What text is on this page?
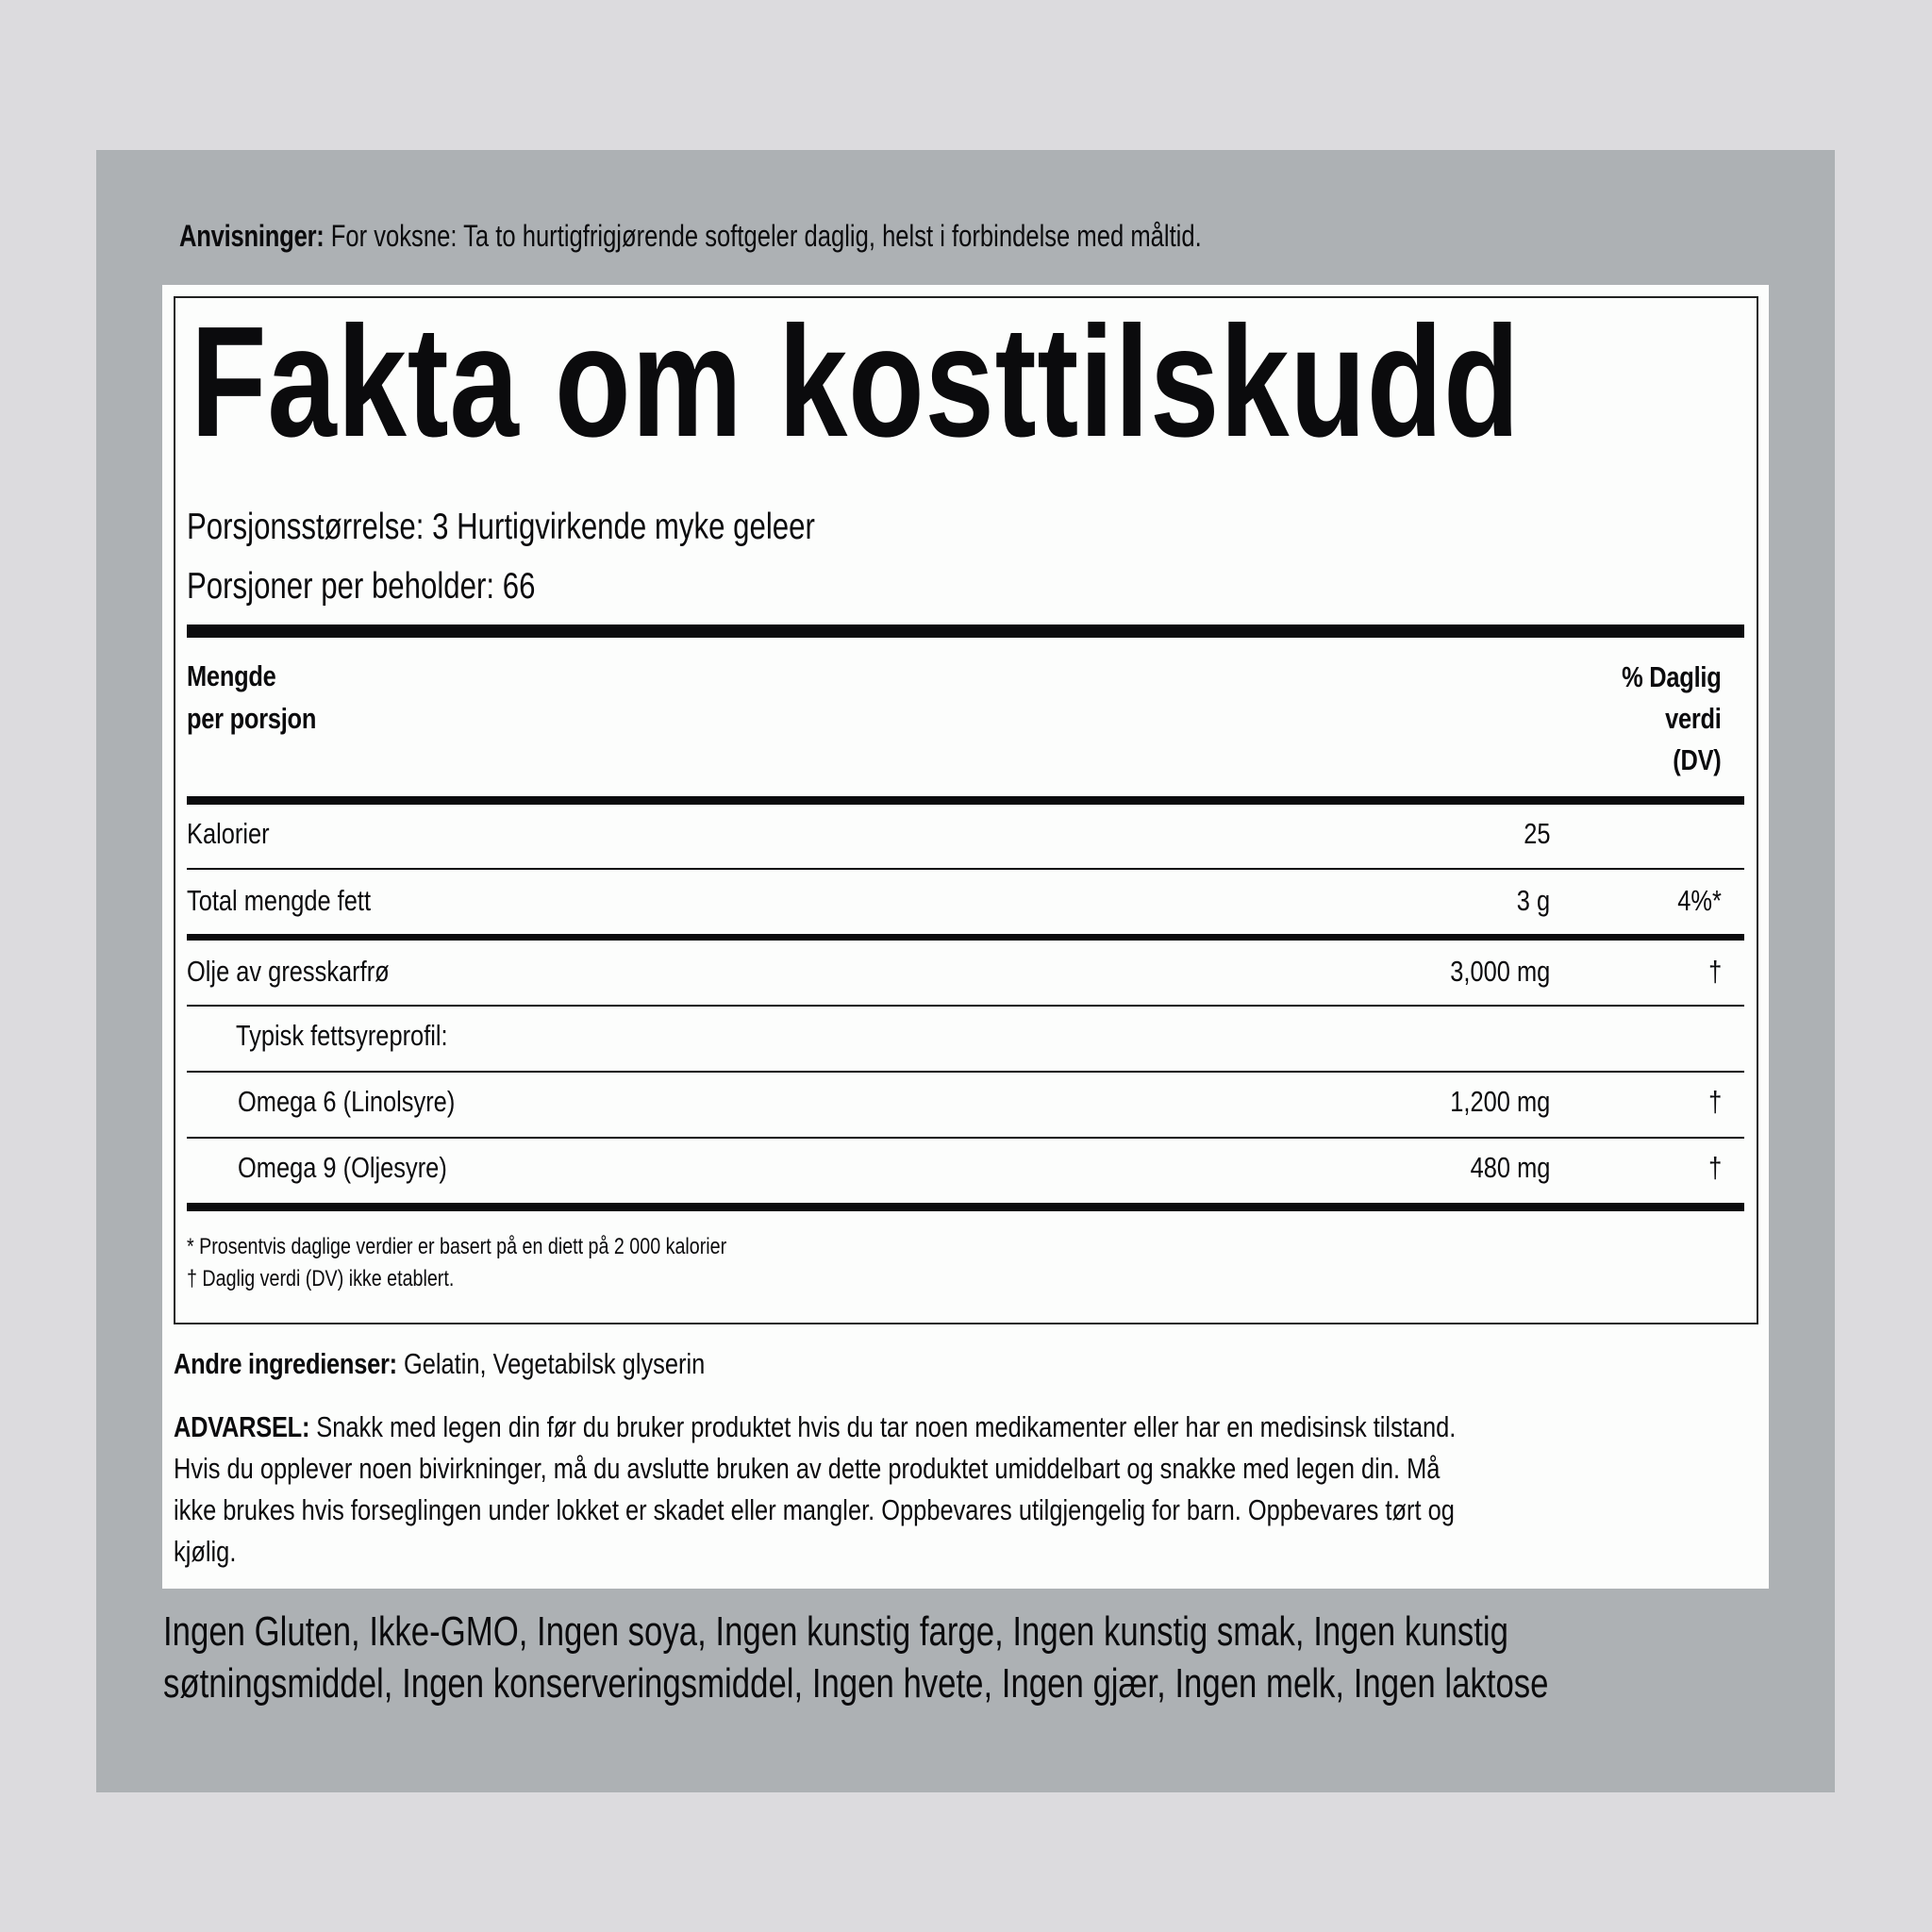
Anvisninger: For voksne: Ta to hurtigfrigjørende softgeler daglig, helst i forbindelse med måltid.
Fakta om kosttilskudd
Porsjonsstørrelse: 3 Hurtigvirkende myke geleer
Porsjoner per beholder: 66
Mengde
per porsjon
% Daglig
verdi
(DV)
Kalorier	25
Total mengde fett	3 g	4%*
Olje av gresskarfrø	3,000 mg	†
Typisk fettsyreprofil:
Omega 6 (Linolsyre)	1,200 mg	†
Omega 9 (Oljesyre)	480 mg	†
* Prosentvis daglige verdier er basert på en diett på 2 000 kalorier
† Daglig verdi (DV) ikke etablert.
Andre ingredienser: Gelatin, Vegetabilsk glyserin
ADVARSEL: Snakk med legen din før du bruker produktet hvis du tar noen medikamenter eller har en medisinsk tilstand.
Hvis du opplever noen bivirkninger, må du avslutte bruken av dette produktet umiddelbart og snakke med legen din. Må
ikke brukes hvis forseglingen under lokket er skadet eller mangler. Oppbevares utilgjengelig for barn. Oppbevares tørt og
kjølig.
Ingen Gluten, Ikke-GMO, Ingen soya, Ingen kunstig farge, Ingen kunstig smak, Ingen kunstig
søtningsmiddel, Ingen konserveringsmiddel, Ingen hvete, Ingen gjær, Ingen melk, Ingen laktose
